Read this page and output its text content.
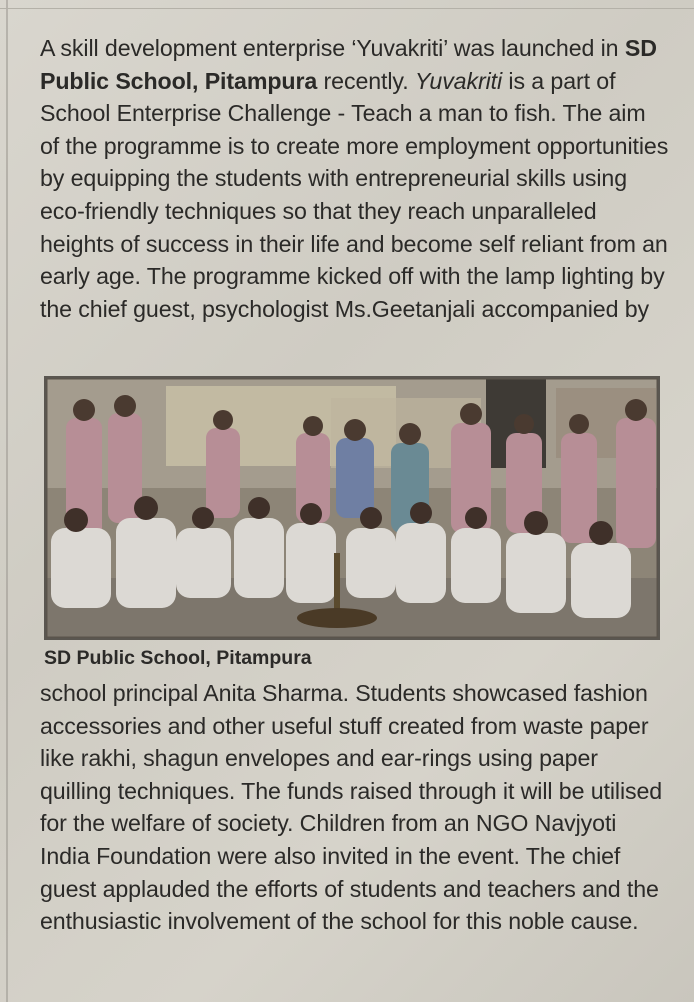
A skill development enterprise ‘Yuvakriti’ was launched in SD Public School, Pitampura recently. Yuvakriti is a part of School Enterprise Challenge - Teach a man to fish. The aim of the programme is to create more employment opportunities by equipping the students with entrepreneurial skills using eco-friendly techniques so that they reach unparalleled heights of success in their life and become self reliant from an early age. The programme kicked off with the lamp lighting by the chief guest, psychologist Ms.Geetanjali accompanied by
SD Public School, Pitampura
school principal Anita Sharma. Students showcased fashion accessories and other useful stuff created from waste paper like rakhi, shagun envelopes and ear-rings using paper quilling techniques. The funds raised through it will be utilised for the welfare of society. Children from an NGO Navjyoti India Foundation were also invited in the event. The chief guest applauded the efforts of students and teachers and the enthusiastic involvement of the school for this noble cause.
